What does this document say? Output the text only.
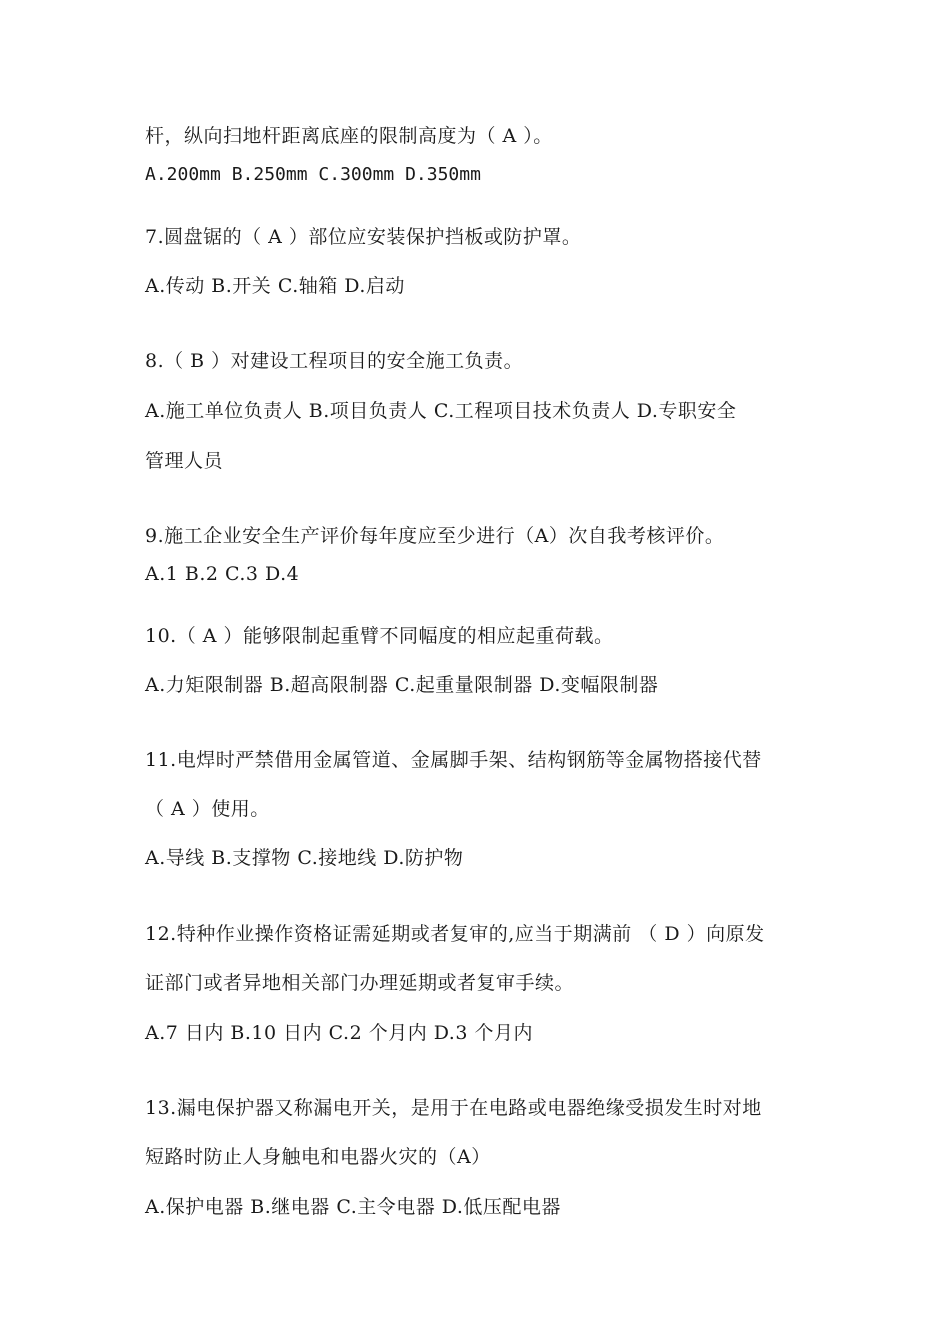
杆，纵向扫地杆距离底座的限制高度为（ A ）。
A.200mm B.250mm C.300mm D.350mm
7.圆盘锯的（ A ）部位应安装保护挡板或防护罩。
A.传动 B.开关 C.轴箱 D.启动
8.（ B ）对建设工程项目的安全施工负责。
A.施工单位负责人 B.项目负责人 C.工程项目技术负责人 D.专职安全
管理人员
9.施工企业安全生产评价每年度应至少进行（A）次自我考核评价。
A.1 B.2 C.3 D.4
10.（ A ）能够限制起重臂不同幅度的相应起重荷载。
A.力矩限制器 B.超高限制器 C.起重量限制器 D.变幅限制器
11.电焊时严禁借用金属管道、金属脚手架、结构钢筋等金属物搭接代替
（ A ）使用。
A.导线 B.支撑物 C.接地线 D.防护物
12.特种作业操作资格证需延期或者复审的,应当于期满前 （ D ）向原发
证部门或者异地相关部门办理延期或者复审手续。
A.7 日内 B.10 日内 C.2 个月内 D.3 个月内
13.漏电保护器又称漏电开关，是用于在电路或电器绝缘受损发生时对地
短路时防止人身触电和电器火灾的（A）
A.保护电器 B.继电器 C.主令电器 D.低压配电器
